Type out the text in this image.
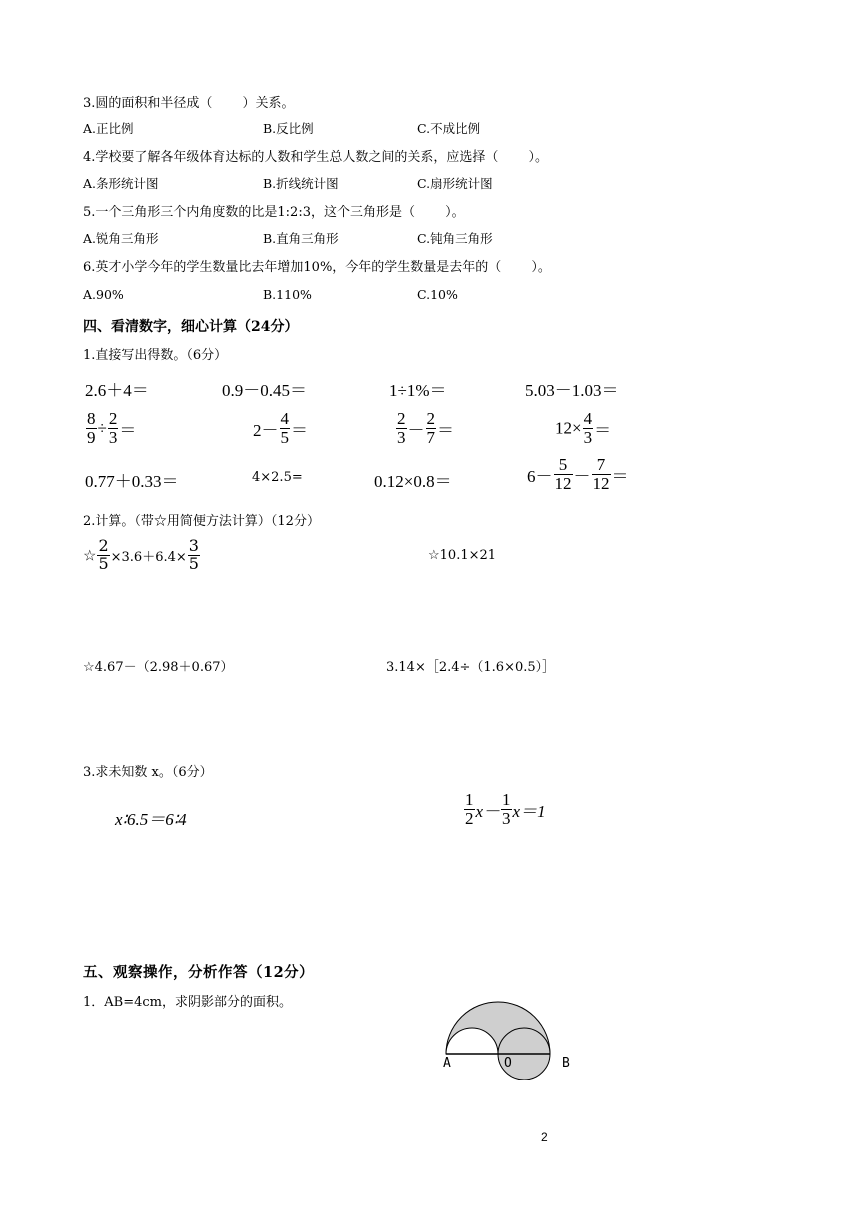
3.圆的面积和半径成（　　 ）关系。
A.正比例	B.反比例	C.不成比例
4.学校要了解各年级体育达标的人数和学生总人数之间的关系，应选择（　　 ）。
A.条形统计图	B.折线统计图	C.扇形统计图
5.一个三角形三个内角度数的比是1:2:3，这个三角形是（　　 ）。
A.锐角三角形	B.直角三角形	C.钝角三角形
6.英才小学今年的学生数量比去年增加10%，今年的学生数量是去年的（　　 ）。
A.90%	B.110%	C.10%
四、看清数字，细心计算（24分）
1.直接写出得数。（6分）
2.6＋4＝	0.9－0.45＝	1÷1%＝	5.03－1.03＝
$\frac{8}{9} \div \frac{2}{3}$ ＝	$2- \frac{4}{5}$ ＝	$\frac{2}{3} - \frac{2}{7}$ ＝	$12\times \frac{4}{3}$ ＝
0.77＋0.33＝	4×2.5=	0.12×0.8＝	$6- \frac{5}{12} - \frac{7}{12}$ ＝
2.计算。（带☆用简便方法计算）（12分）
☆ $\frac{2}{5} \times 3.6+6.4\times \frac{3}{5}$	☆10.1×21
☆4.67－（2.98＋0.67）	3.14×［2.4÷（1.6×0.5）］
3.求未知数 x。（6分）
x∶6.5＝6∶4	$\frac{1}{2} x- \frac{1}{3} x=1$
五、观察操作，分析作答（12分）
1．AB=4cm，求阴影部分的面积。
A	O	B
2
